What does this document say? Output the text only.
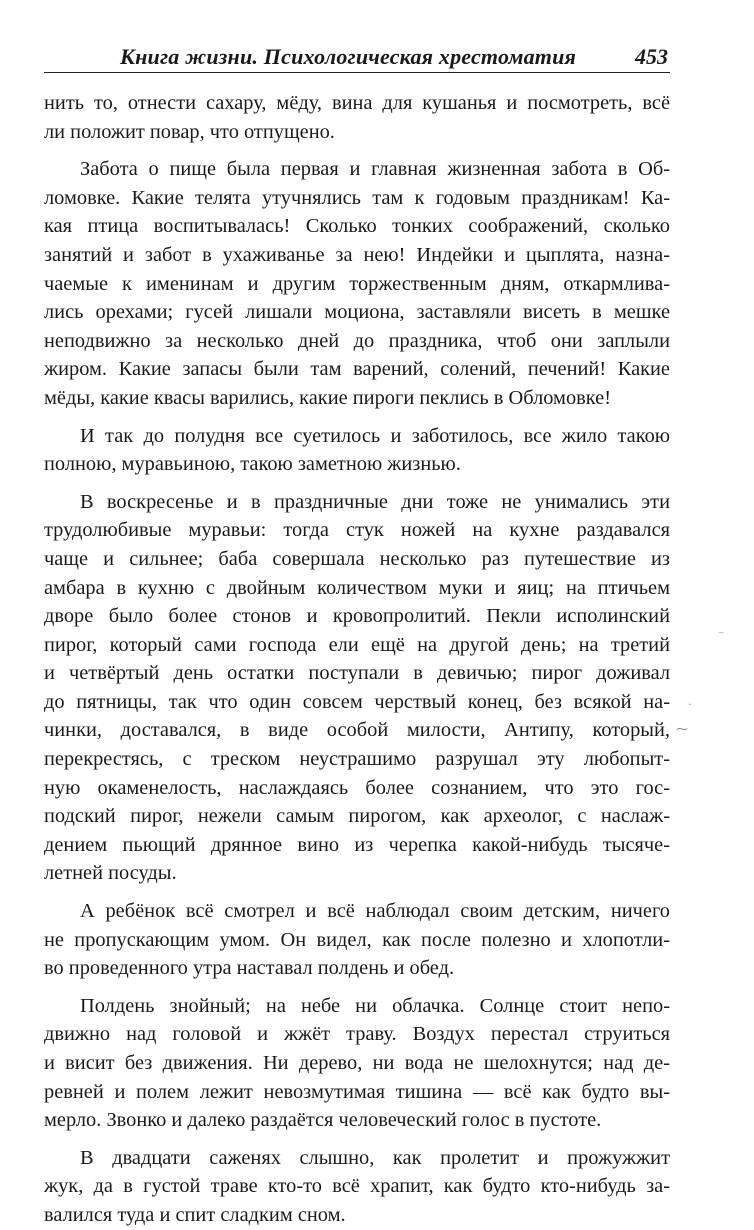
Книга жизни. Психологическая хрестоматия	453
нить то, отнести сахару, мёду, вина для кушанья и посмотреть, всё
ли положит повар, что отпущено.
Забота о пище была первая и главная жизненная забота в Об-
ломовке. Какие телята утучнялись там к годовым праздникам! Ка-
кая птица воспитывалась! Сколько тонких соображений, сколько
занятий и забот в ухаживанье за нею! Индейки и цыплята, назна-
чаемые к именинам и другим торжественным дням, откармлива-
лись орехами; гусей лишали моциона, заставляли висеть в мешке
неподвижно за несколько дней до праздника, чтоб они заплыли
жиром. Какие запасы были там варений, солений, печений! Какие
мёды, какие квасы варились, какие пироги пеклись в Обломовке!
И так до полудня все суетилось и заботилось, все жило такою
полною, муравьиною, такою заметною жизнью.
В воскресенье и в праздничные дни тоже не унимались эти
трудолюбивые муравьи: тогда стук ножей на кухне раздавался
чаще и сильнее; баба совершала несколько раз путешествие из
амбара в кухню с двойным количеством муки и яиц; на птичьем
дворе было более стонов и кровопролитий. Пекли исполинский
пирог, который сами господа ели ещё на другой день; на третий
и четвёртый день остатки поступали в девичью; пирог доживал
до пятницы, так что один совсем черствый конец, без всякой на-
чинки, доставался, в виде особой милости, Антипу, который,
перекрестясь, с треском неустрашимо разрушал эту любопыт-
ную окаменелость, наслаждаясь более сознанием, что это гос-
подский пирог, нежели самым пирогом, как археолог, с наслаж-
дением пьющий дрянное вино из черепка какой-нибудь тысяче-
летней посуды.
А ребёнок всё смотрел и всё наблюдал своим детским, ничего
не пропускающим умом. Он видел, как после полезно и хлопотли-
во проведенного утра наставал полдень и обед.
Полдень знойный; на небе ни облачка. Солнце стоит непо-
движно над головой и жжёт траву. Воздух перестал струиться
и висит без движения. Ни дерево, ни вода не шелохнутся; над де-
ревней и полем лежит невозмутимая тишина — всё как будто вы-
мерло. Звонко и далеко раздаётся человеческий голос в пустоте.
В двадцати саженях слышно, как пролетит и прожужжит
жук, да в густой траве кто-то всё храпит, как будто кто-нибудь за-
валился туда и спит сладким сном.
⁻
·
⁓
